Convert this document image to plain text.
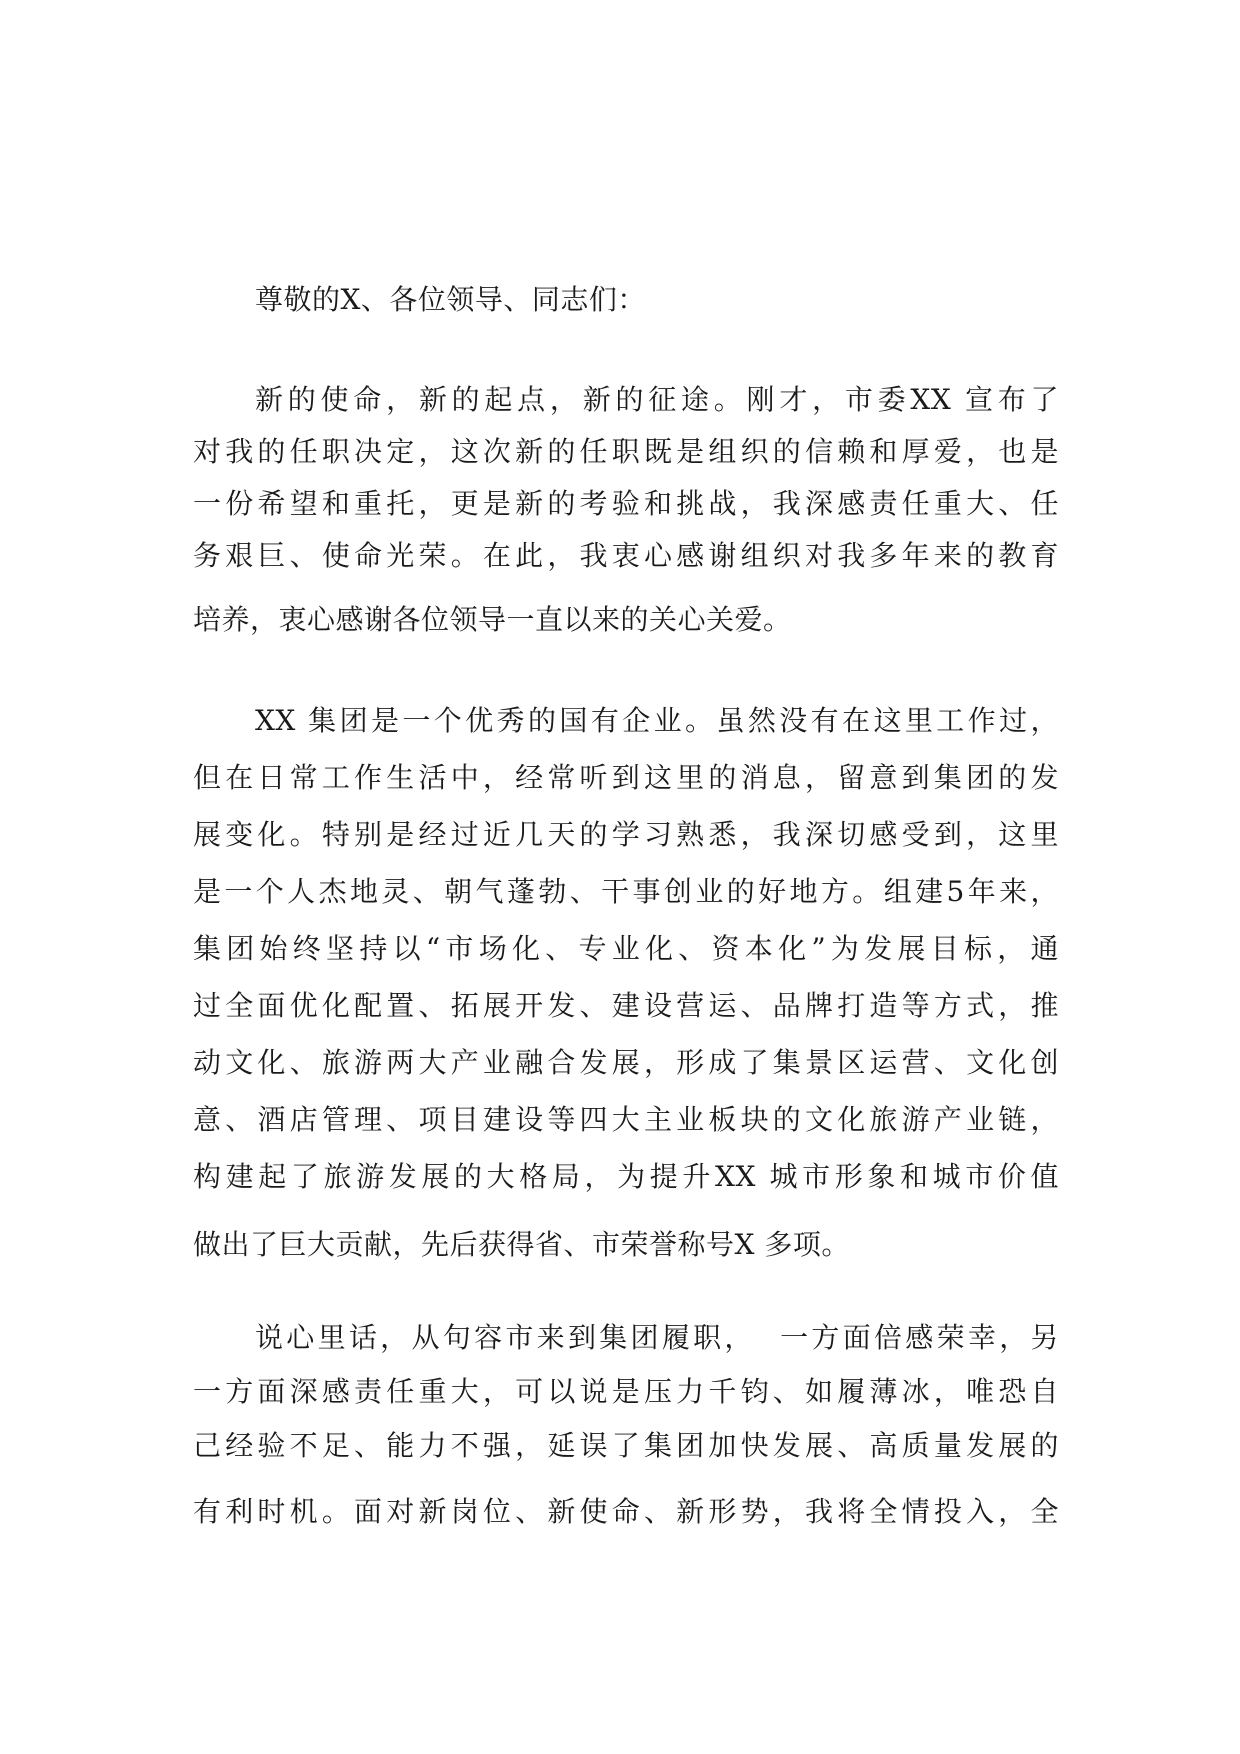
尊敬的X、各位领导、同志们：

新的使命，新的起点，新的征途。刚才，市委XX 宣布了
对我的任职决定，这次新的任职既是组织的信赖和厚爱，也是
一份希望和重托，更是新的考验和挑战，我深感责任重大、任
务艰巨、使命光荣。在此，我衷心感谢组织对我多年来的教育
培养，衷心感谢各位领导一直以来的关心关爱。
XX 集团是一个优秀的国有企业。虽然没有在这里工作过，
但在日常工作生活中，经常听到这里的消息，留意到集团的发
展变化。特别是经过近几天的学习熟悉，我深切感受到，这里
是一个人杰地灵、朝气蓬勃、干事创业的好地方。组建5年来，
集团始终坚持以“市场化、专业化、资本化”为发展目标，通
过全面优化配置、拓展开发、建设营运、品牌打造等方式，推
动文化、旅游两大产业融合发展，形成了集景区运营、文化创
意、酒店管理、项目建设等四大主业板块的文化旅游产业链，
构建起了旅游发展的大格局，为提升XX 城市形象和城市价值
做出了巨大贡献，先后获得省、市荣誉称号X 多项。
说心里话，从句容市来到集团履职，  一方面倍感荣幸，另
一方面深感责任重大，可以说是压力千钧、如履薄冰，唯恐自
己经验不足、能力不强，延误了集团加快发展、高质量发展的
有利时机。面对新岗位、新使命、新形势，我将全情投入，全
